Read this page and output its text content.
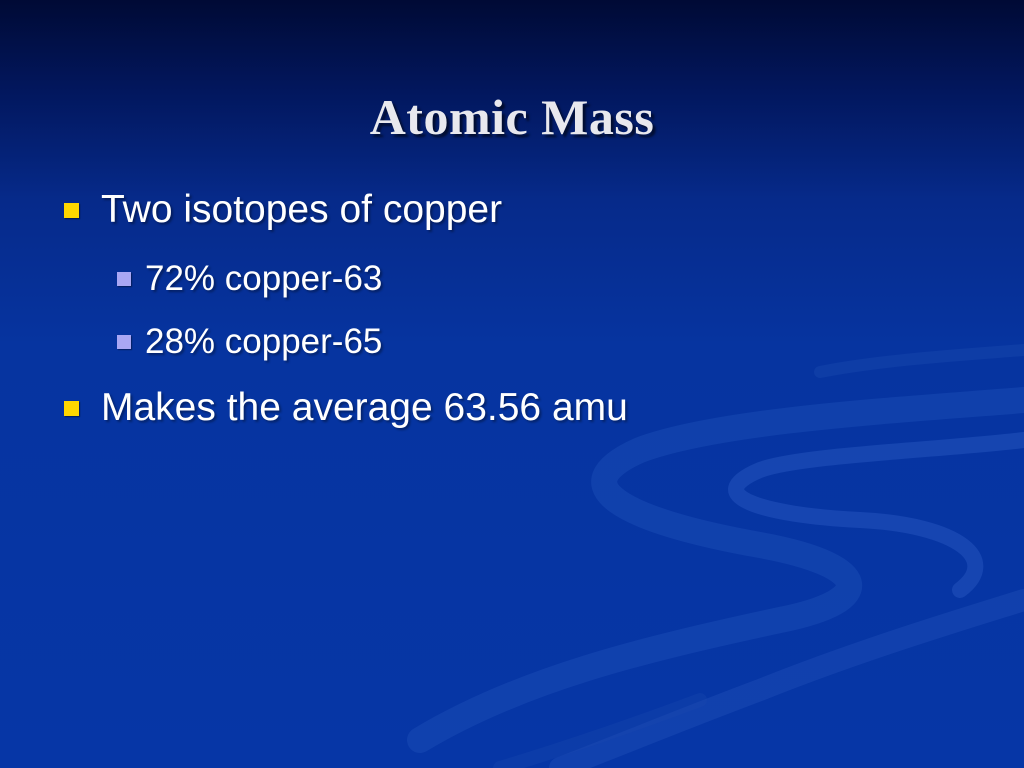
Atomic Mass
Two isotopes of copper
72% copper-63
28% copper-65
Makes the average 63.56 amu
